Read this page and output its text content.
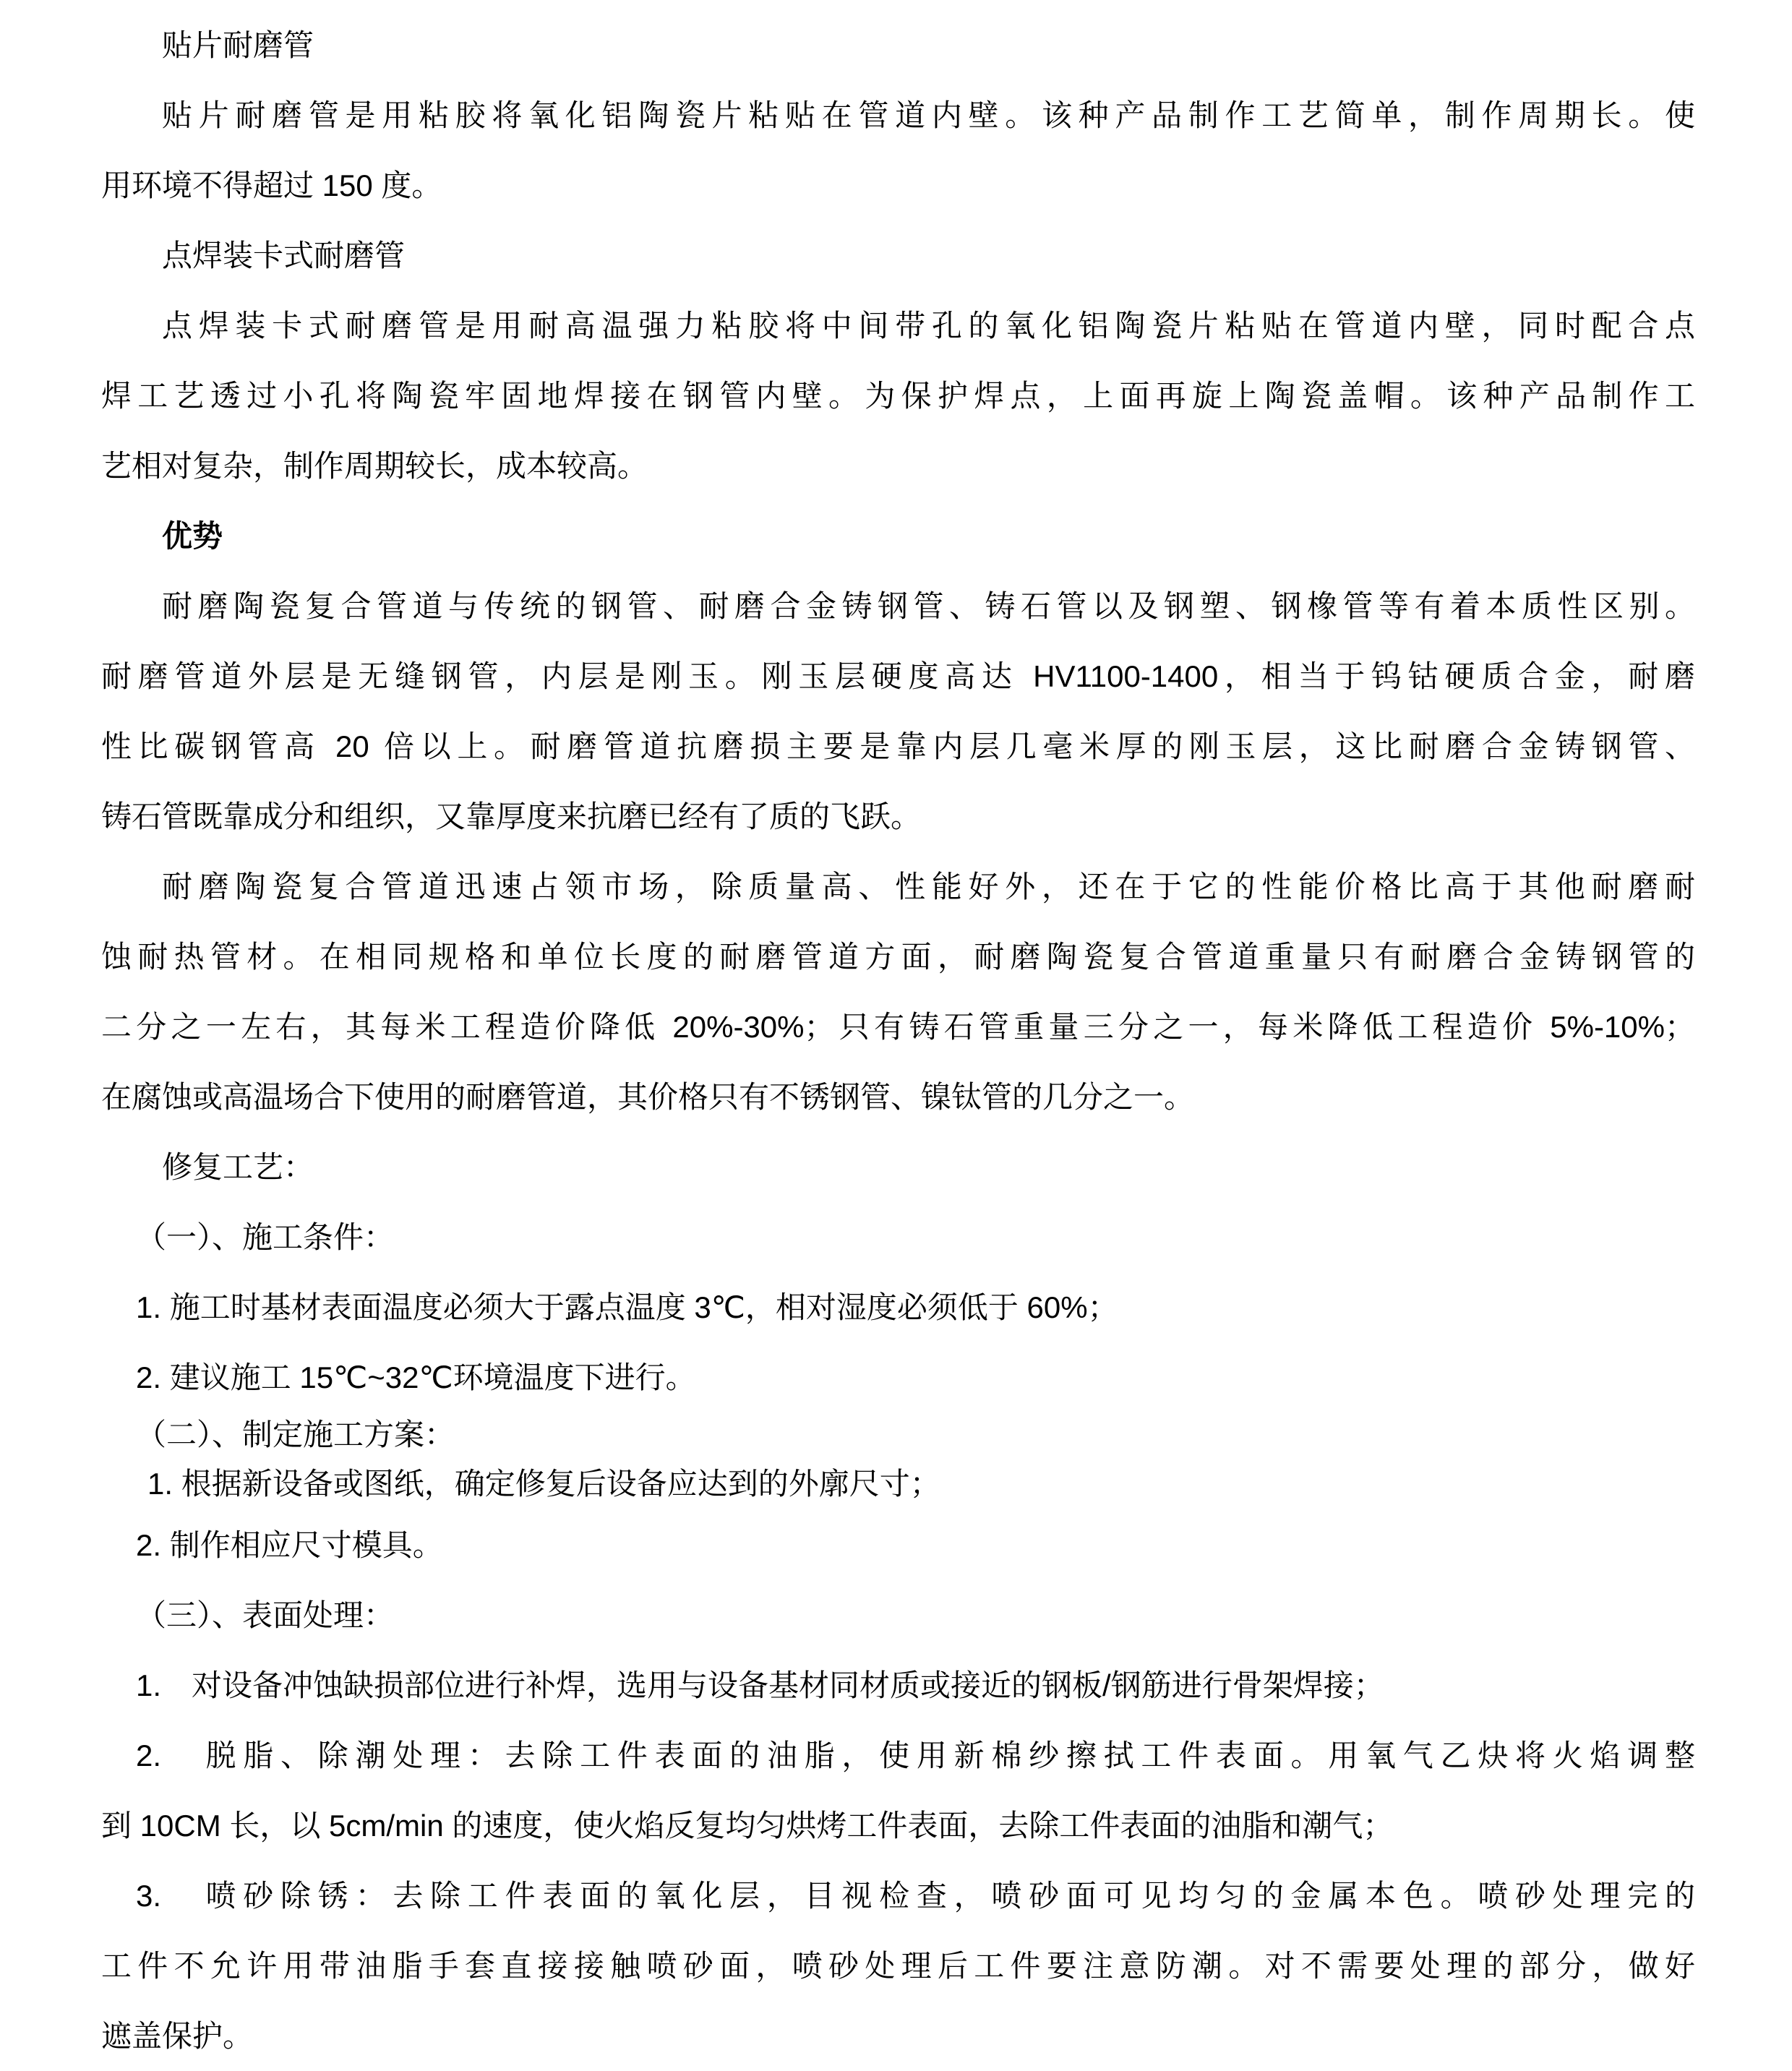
贴片耐磨管
贴片耐磨管是用粘胶将氧化铝陶瓷片粘贴在管道内壁。该种产品制作工艺简单，制作周期长。使
用环境不得超过 150 度。
点焊装卡式耐磨管
点焊装卡式耐磨管是用耐高温强力粘胶将中间带孔的氧化铝陶瓷片粘贴在管道内壁，同时配合点
焊工艺透过小孔将陶瓷牢固地焊接在钢管内壁。为保护焊点，上面再旋上陶瓷盖帽。该种产品制作工
艺相对复杂，制作周期较长，成本较高。
优势
耐磨陶瓷复合管道与传统的钢管、耐磨合金铸钢管、铸石管以及钢塑、钢橡管等有着本质性区别。
耐磨管道外层是无缝钢管，内层是刚玉。刚玉层硬度高达 HV1100-1400，相当于钨钴硬质合金，耐磨
性比碳钢管高 20 倍以上。耐磨管道抗磨损主要是靠内层几毫米厚的刚玉层，这比耐磨合金铸钢管、
铸石管既靠成分和组织，又靠厚度来抗磨已经有了质的飞跃。
耐磨陶瓷复合管道迅速占领市场，除质量高、性能好外，还在于它的性能价格比高于其他耐磨耐
蚀耐热管材。在相同规格和单位长度的耐磨管道方面，耐磨陶瓷复合管道重量只有耐磨合金铸钢管的
二分之一左右，其每米工程造价降低 20%-30%；只有铸石管重量三分之一，每米降低工程造价 5%-10%；
在腐蚀或高温场合下使用的耐磨管道，其价格只有不锈钢管、镍钛管的几分之一。
修复工艺：
（一）、施工条件：
1. 施工时基材表面温度必须大于露点温度 3℃，相对湿度必须低于 60%；
2. 建议施工 15℃~32℃环境温度下进行。
（二）、制定施工方案：
1. 根据新设备或图纸，确定修复后设备应达到的外廓尺寸；
2. 制作相应尺寸模具。
（三）、表面处理：
1.　对设备冲蚀缺损部位进行补焊，选用与设备基材同材质或接近的钢板/钢筋进行骨架焊接；
2.　脱脂、除潮处理：去除工件表面的油脂，使用新棉纱擦拭工件表面。用氧气乙炔将火焰调整
到 10CM 长，以 5cm/min 的速度，使火焰反复均匀烘烤工件表面，去除工件表面的油脂和潮气；
3.　喷砂除锈：去除工件表面的氧化层，目视检查，喷砂面可见均匀的金属本色。喷砂处理完的
工件不允许用带油脂手套直接接触喷砂面，喷砂处理后工件要注意防潮。对不需要处理的部分，做好
遮盖保护。
